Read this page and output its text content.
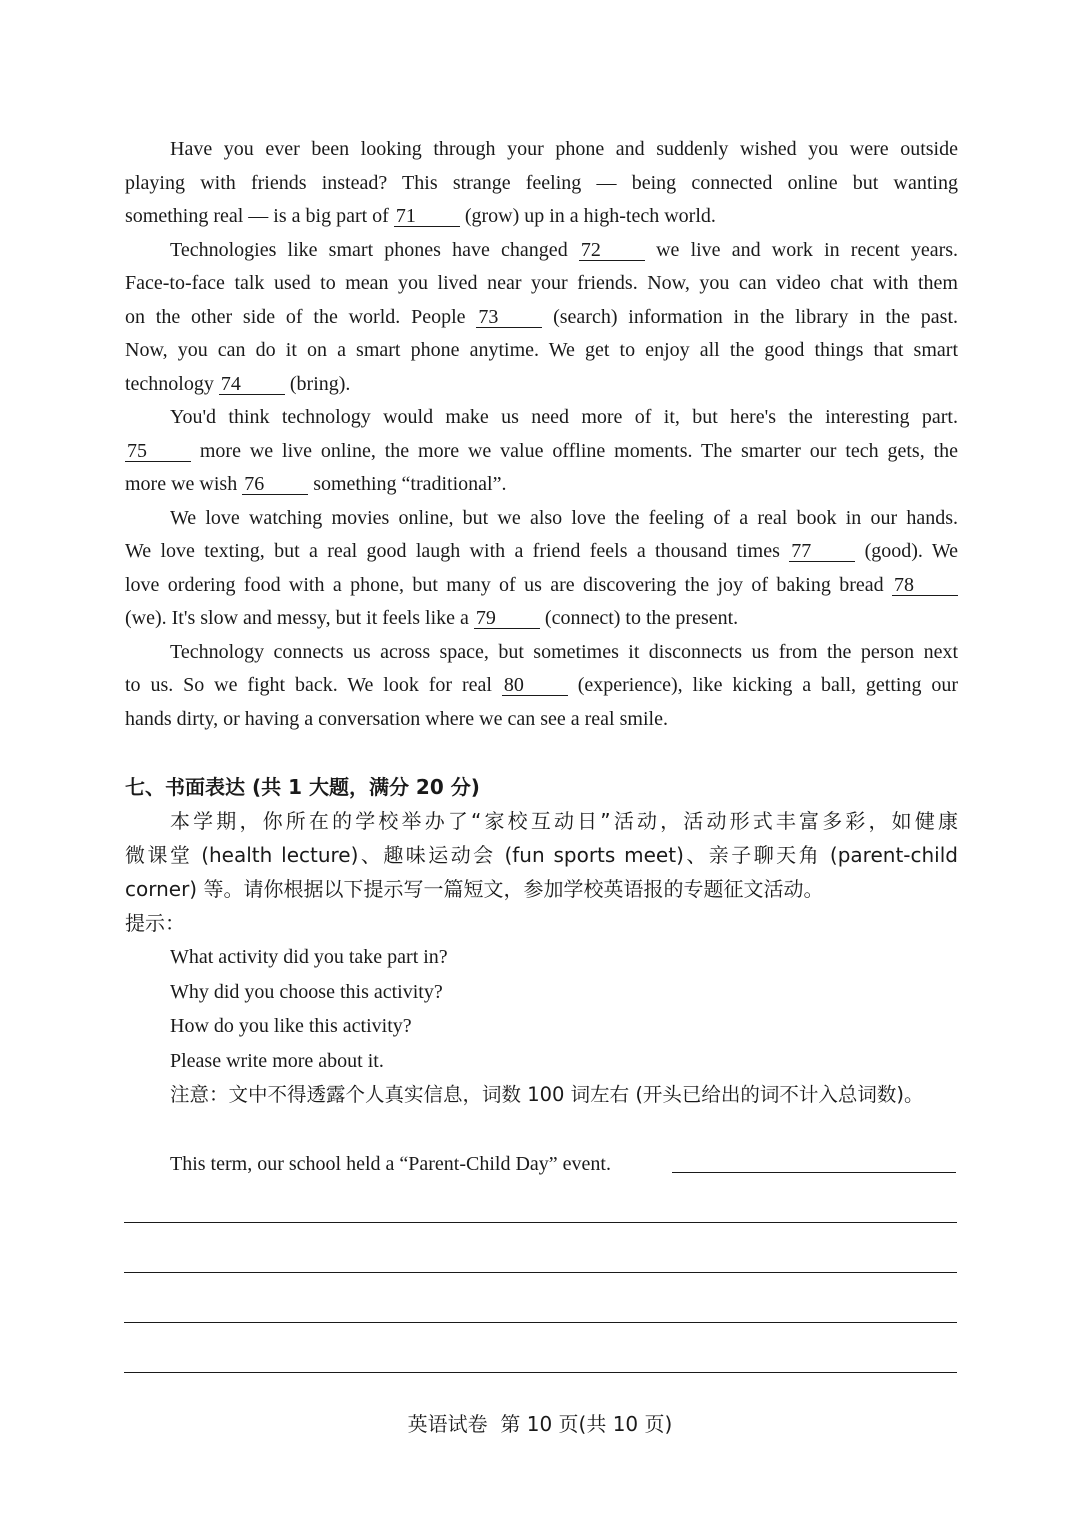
Have you ever been looking through your phone and suddenly wished you were outside
playing with friends instead? This strange feeling — being connected online but wanting
something real — is a big part of 71 (grow) up in a high-tech world.
Technologies like smart phones have changed 72	we live and work in recent years.
Face-to-face talk used to mean you lived near your friends. Now, you can video chat with them
on the other side of the world. People 73	(search) information in the library in the past.
Now, you can do it on a smart phone anytime. We get to enjoy all the good things that smart
technology 74 (bring).
You'd think technology would make us need more of it, but here's the interesting part.
75	more we live online, the more we value offline moments. The smarter our tech gets, the
more we wish 76 something “traditional”.
We love watching movies online, but we also love the feeling of a real book in our hands.
We love texting, but a real good laugh with a friend feels a thousand times 77	(good). We
love ordering food with a phone, but many of us are discovering the joy of baking bread 78
(we). It's slow and messy, but it feels like a 79 (connect) to the present.
Technology connects us across space, but sometimes it disconnects us from the person next
to us. So we fight back. We look for real 80	(experience), like kicking a ball, getting our
hands dirty, or having a conversation where we can see a real smile.
七、书面表达 (共 1 大题，满分 20 分)
本学期，你所在的学校举办了“家校互动日”活动，活动形式丰富多彩，如健康
微课堂 (health lecture)、趣味运动会 (fun sports meet)、亲子聊天角 (parent-child
corner) 等。请你根据以下提示写一篇短文，参加学校英语报的专题征文活动。
提示：
What activity did you take part in?
Why did you choose this activity?
How do you like this activity?
Please write more about it.
注意：文中不得透露个人真实信息，词数 100 词左右 (开头已给出的词不计入总词数)。
This term, our school held a “Parent-Child Day” event.
英语试卷  第 10 页(共 10 页)
